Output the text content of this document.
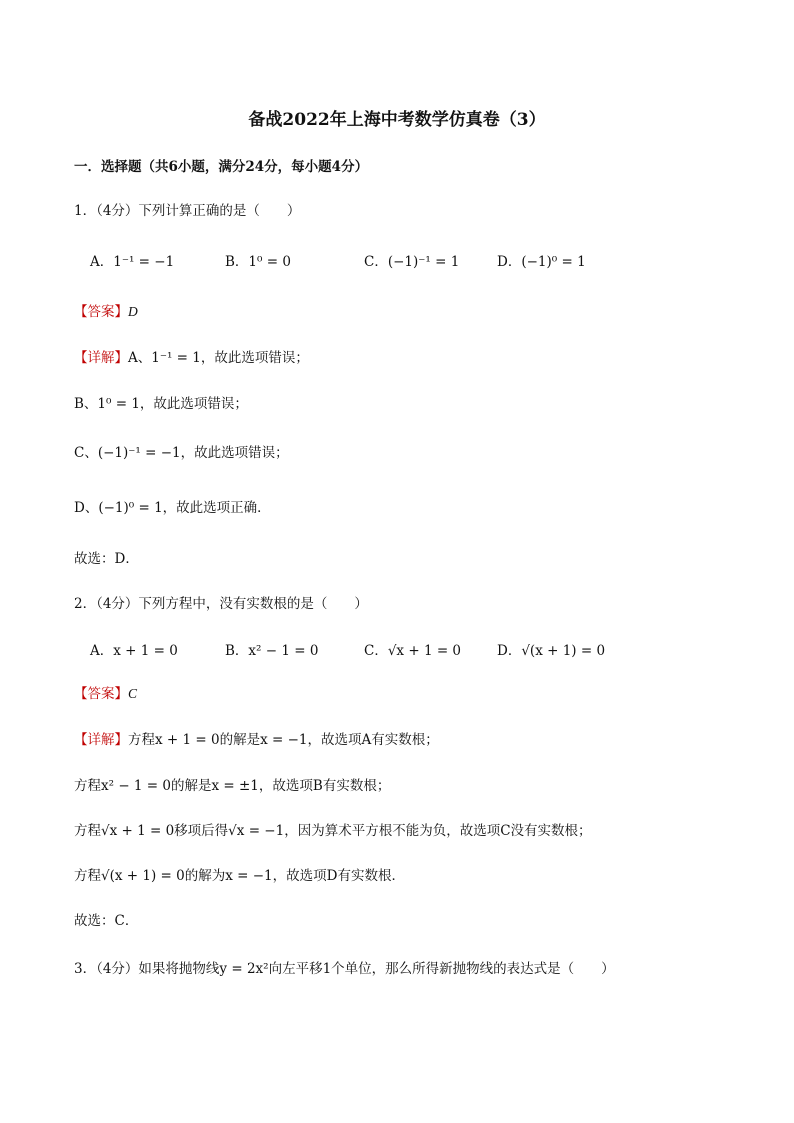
备战2022年上海中考数学仿真卷（3）
一．选择题（共6小题，满分24分，每小题4分）
1．（4分）下列计算正确的是（　　）
A．1⁻¹ = −1	B．1⁰ = 0	C．(−1)⁻¹ = 1	D．(−1)⁰ = 1
【答案】D
【详解】A、1⁻¹ = 1，故此选项错误；
B、1⁰ = 1，故此选项错误；
C、(−1)⁻¹ = −1，故此选项错误；
D、(−1)⁰ = 1，故此选项正确．
故选：D．
2．（4分）下列方程中，没有实数根的是（　　）
A．x + 1 = 0	B．x² − 1 = 0	C．√x + 1 = 0	D．√(x + 1) = 0
【答案】C
【详解】方程x + 1 = 0的解是x = −1，故选项A有实数根；
方程x² − 1 = 0的解是x = ±1，故选项B有实数根；
方程√x + 1 = 0移项后得√x = −1，因为算术平方根不能为负，故选项C没有实数根；
方程√(x + 1) = 0的解为x = −1，故选项D有实数根．
故选：C．
3．（4分）如果将抛物线y = 2x²向左平移1个单位，那么所得新抛物线的表达式是（　　）
